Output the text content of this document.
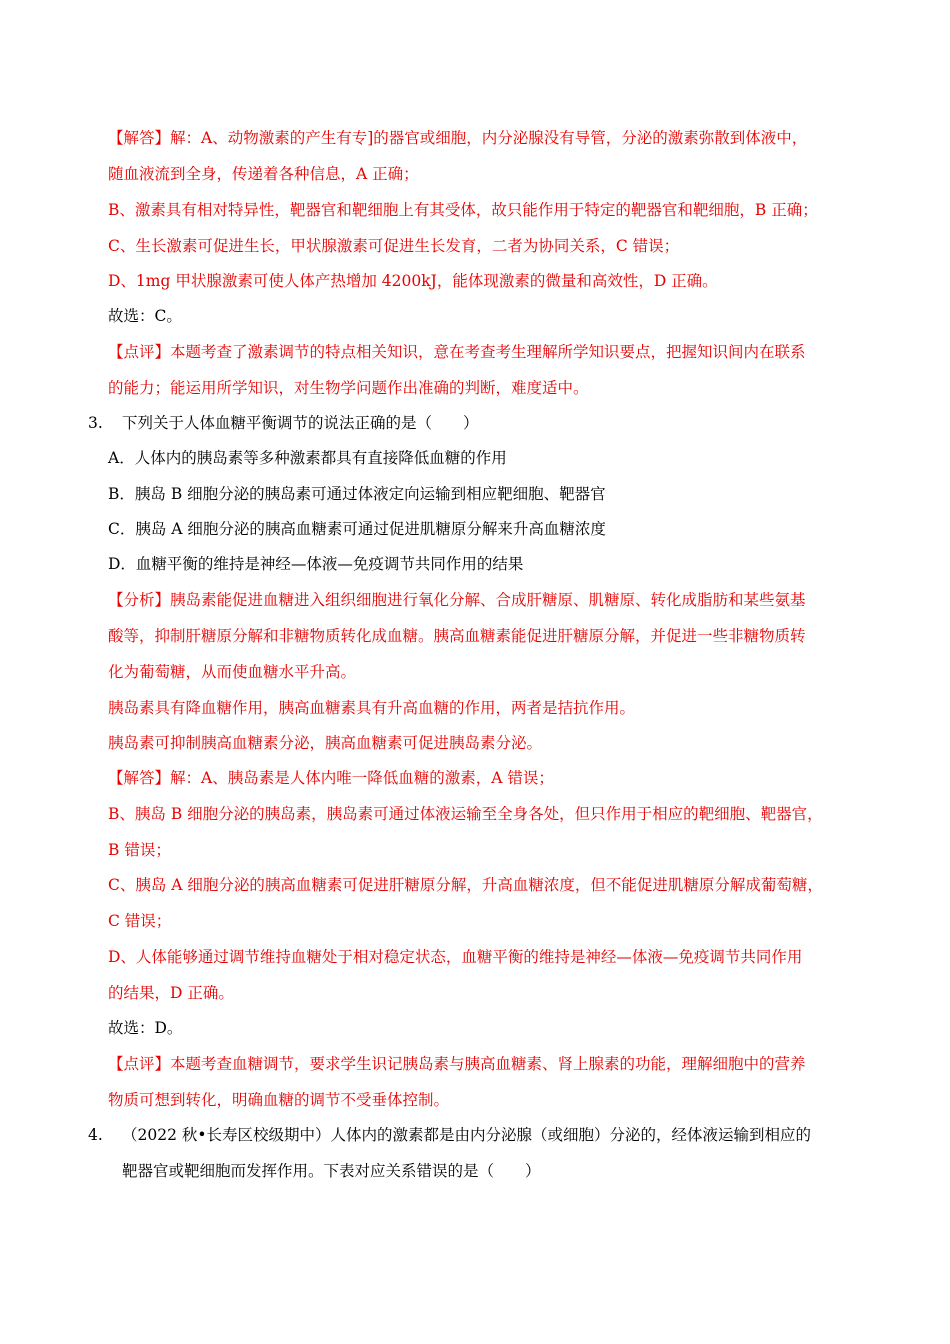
【解答】解：A、动物激素的产生有专]的器官或细胞，内分泌腺没有导管，分泌的激素弥散到体液中，
随血液流到全身，传递着各种信息，A 正确；
B、激素具有相对特异性，靶器官和靶细胞上有其受体，故只能作用于特定的靶器官和靶细胞，B 正确；
C、生长激素可促进生长，甲状腺激素可促进生长发育，二者为协同关系，C 错误；
D、1mg 甲状腺激素可使人体产热增加 4200kJ，能体现激素的微量和高效性，D 正确。
故选：C。
【点评】本题考查了激素调节的特点相关知识，意在考查考生理解所学知识要点，把握知识间内在联系
的能力；能运用所学知识，对生物学问题作出准确的判断，难度适中。
3. 下列关于人体血糖平衡调节的说法正确的是（　　）
A．人体内的胰岛素等多种激素都具有直接降低血糖的作用
B．胰岛 B 细胞分泌的胰岛素可通过体液定向运输到相应靶细胞、靶器官
C．胰岛 A 细胞分泌的胰高血糖素可通过促进肌糖原分解来升高血糖浓度
D．血糖平衡的维持是神经—体液—免疫调节共同作用的结果
【分析】胰岛素能促进血糖进入组织细胞进行氧化分解、合成肝糖原、肌糖原、转化成脂肪和某些氨基
酸等，抑制肝糖原分解和非糖物质转化成血糖。胰高血糖素能促进肝糖原分解，并促进一些非糖物质转
化为葡萄糖，从而使血糖水平升高。
胰岛素具有降血糖作用，胰高血糖素具有升高血糖的作用，两者是拮抗作用。
胰岛素可抑制胰高血糖素分泌，胰高血糖素可促进胰岛素分泌。
【解答】解：A、胰岛素是人体内唯一降低血糖的激素，A 错误；
B、胰岛 B 细胞分泌的胰岛素，胰岛素可通过体液运输至全身各处，但只作用于相应的靶细胞、靶器官，
B 错误；
C、胰岛 A 细胞分泌的胰高血糖素可促进肝糖原分解，升高血糖浓度，但不能促进肌糖原分解成葡萄糖，
C 错误；
D、人体能够通过调节维持血糖处于相对稳定状态，血糖平衡的维持是神经—体液—免疫调节共同作用
的结果，D 正确。
故选：D。
【点评】本题考查血糖调节，要求学生识记胰岛素与胰高血糖素、肾上腺素的功能，理解细胞中的营养
物质可想到转化，明确血糖的调节不受垂体控制。
4. （2022 秋•长寿区校级期中）人体内的激素都是由内分泌腺（或细胞）分泌的，经体液运输到相应的
靶器官或靶细胞而发挥作用。下表对应关系错误的是（　　）
